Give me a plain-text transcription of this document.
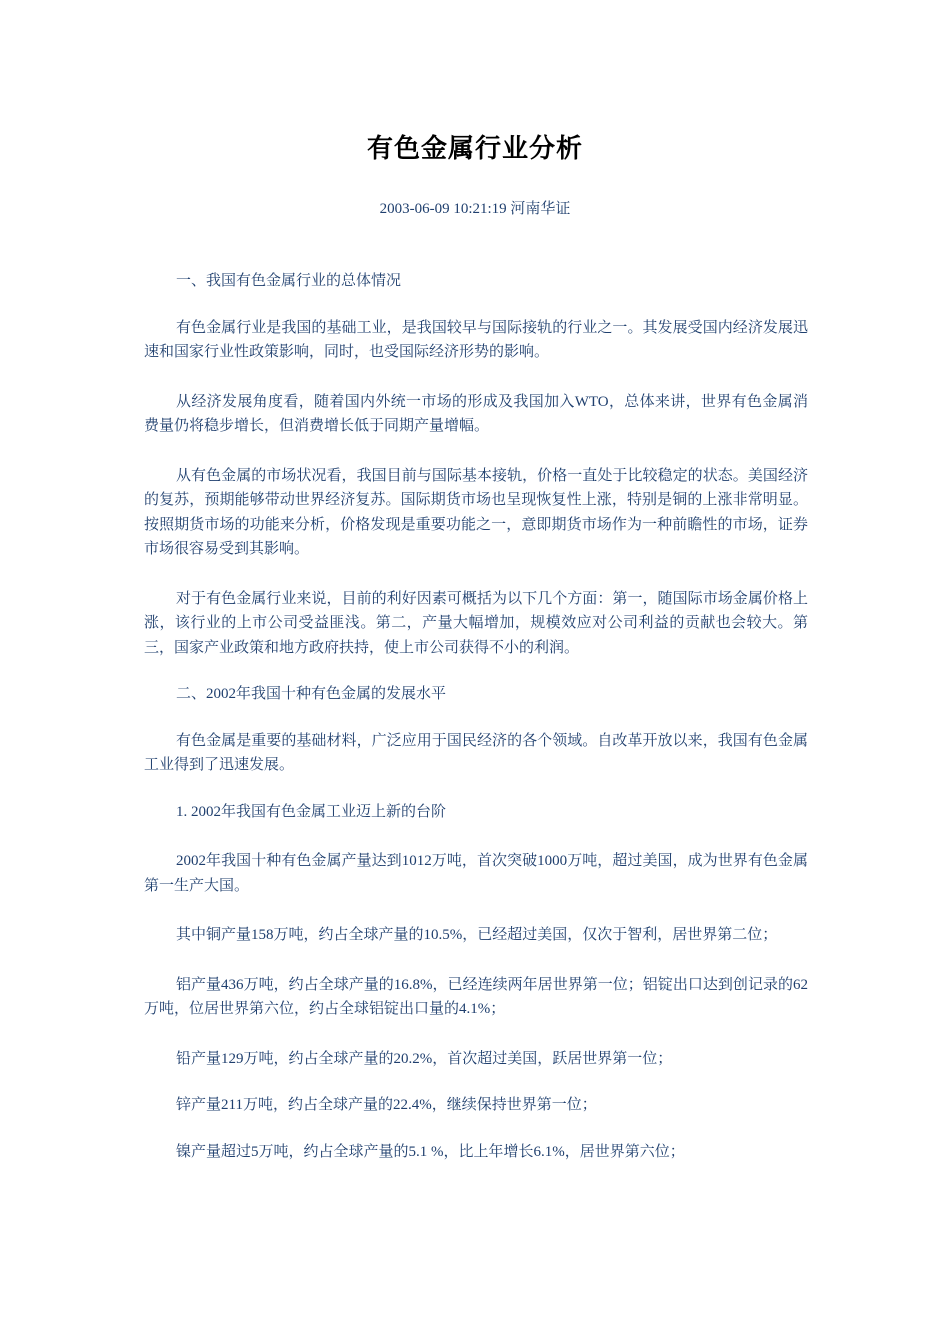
有色金属行业分析
2003-06-09 10:21:19 河南华证

一、我国有色金属行业的总体情况

有色金属行业是我国的基础工业，是我国较早与国际接轨的行业之一。其发展受国内经济发展迅速和国家行业性政策影响，同时，也受国际经济形势的影响。

从经济发展角度看，随着国内外统一市场的形成及我国加入WTO，总体来讲，世界有色金属消费量仍将稳步增长，但消费增长低于同期产量增幅。

从有色金属的市场状况看，我国目前与国际基本接轨，价格一直处于比较稳定的状态。美国经济的复苏，预期能够带动世界经济复苏。国际期货市场也呈现恢复性上涨，特别是铜的上涨非常明显。按照期货市场的功能来分析，价格发现是重要功能之一，意即期货市场作为一种前瞻性的市场，证券市场很容易受到其影响。

对于有色金属行业来说，目前的利好因素可概括为以下几个方面：第一，随国际市场金属价格上涨，该行业的上市公司受益匪浅。第二，产量大幅增加，规模效应对公司利益的贡献也会较大。第三，国家产业政策和地方政府扶持，使上市公司获得不小的利润。

二、2002年我国十种有色金属的发展水平

有色金属是重要的基础材料，广泛应用于国民经济的各个领域。自改革开放以来，我国有色金属工业得到了迅速发展。

1. 2002年我国有色金属工业迈上新的台阶

2002年我国十种有色金属产量达到1012万吨，首次突破1000万吨，超过美国，成为世界有色金属第一生产大国。

其中铜产量158万吨，约占全球产量的10.5%，已经超过美国，仅次于智利，居世界第二位；

铝产量436万吨，约占全球产量的16.8%，已经连续两年居世界第一位；铝锭出口达到创记录的62万吨，位居世界第六位，约占全球铝锭出口量的4.1%；

铅产量129万吨，约占全球产量的20.2%，首次超过美国，跃居世界第一位；

锌产量211万吨，约占全球产量的22.4%，继续保持世界第一位；

镍产量超过5万吨，约占全球产量的5.1 %，比上年增长6.1%，居世界第六位；
